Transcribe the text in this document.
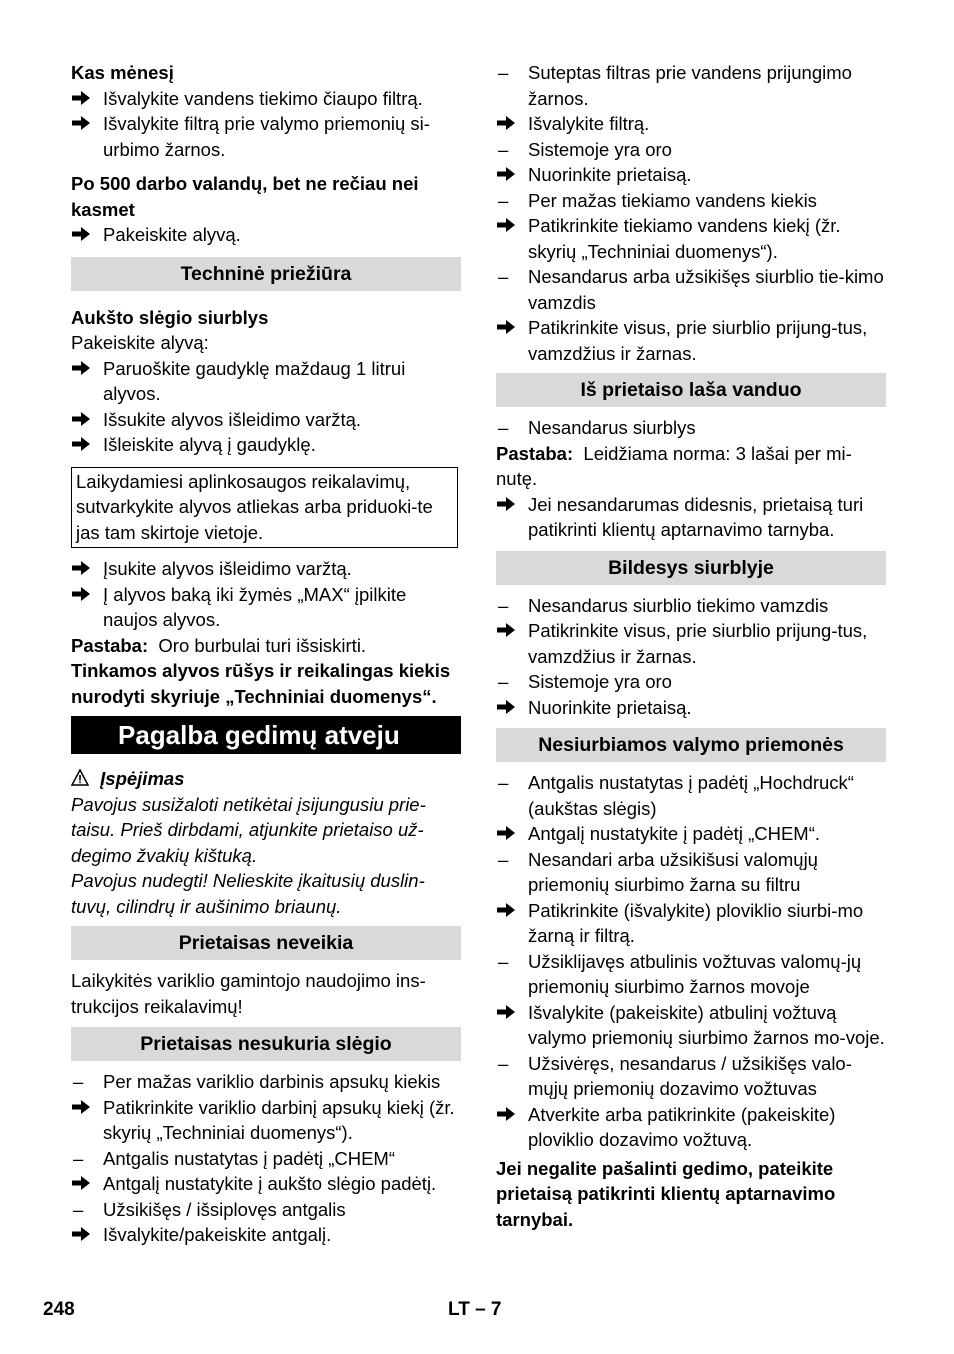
Kas mėnesį

Išvalykite vandens tiekimo čiaupo filtrą.
Išvalykite filtrą prie valymo priemonių si-urbimo žarnos.

Po 500 darbo valandų, bet ne rečiau nei kasmet

Pakeiskite alyvą.
Techninė priežiūra

Aukšto slėgio siurblys

Pakeiskite alyvą:

Paruoškite gaudyklę maždaug 1 litrui alyvos.
Išsukite alyvos išleidimo varžtą.
Išleiskite alyvą į gaudyklę.
Laikydamiesi aplinkosaugos reikalavimų, sutvarkykite alyvos atliekas arba priduoki-te jas tam skirtoje vietoje.
Įsukite alyvos išleidimo varžtą.
Į alyvos baką iki žymės „MAX“ įpilkite naujos alyvos.

Pastaba: Oro burbulai turi išsiskirti.

Tinkamos alyvos rūšys ir reikalingas kiekis nurodyti skyriuje „Techniniai duomenys“.

Pagalba gedimų atveju

Įspėjimas

Pavojus susižaloti netikėtai įsijungusiu prie-taisu. Prieš dirbdami, atjunkite prietaiso už-degimo žvakių kištuką.

Pavojus nudegti! Nelieskite įkaitusių duslin-tuvų, cilindrų ir aušinimo briaunų.

Prietaisas neveikia

Laikykitės variklio gamintojo naudojimo ins-trukcijos reikalavimų!

Prietaisas nesukuria slėgio
–	Per mažas variklio darbinis apsukų kiekis
Patikrinkite variklio darbinį apsukų kiekį (žr. skyrių „Techniniai duomenys“).
–	Antgalis nustatytas į padėtį „CHEM“
Antgalį nustatykite į aukšto slėgio padėtį.
–	Užsikišęs / išsiplovęs antgalis
Išvalykite/pakeiskite antgalį.
–	Suteptas filtras prie vandens prijungimo žarnos.
Išvalykite filtrą.
–	Sistemoje yra oro
Nuorinkite prietaisą.
–	Per mažas tiekiamo vandens kiekis
Patikrinkite tiekiamo vandens kiekį (žr. skyrių „Techniniai duomenys“).
–	Nesandarus arba užsikišęs siurblio tie-kimo vamzdis
Patikrinkite visus, prie siurblio prijung-tus, vamzdžius ir žarnas.
Iš prietaiso laša vanduo
–	Nesandarus siurblys

Pastaba: Leidžiama norma: 3 lašai per mi-nutę.

Jei nesandarumas didesnis, prietaisą turi patikrinti klientų aptarnavimo tarnyba.
Bildesys siurblyje
–	Nesandarus siurblio tiekimo vamzdis
Patikrinkite visus, prie siurblio prijung-tus, vamzdžius ir žarnas.
–	Sistemoje yra oro
Nuorinkite prietaisą.
Nesiurbiamos valymo priemonės
–	Antgalis nustatytas į padėtį „Hochdruck“ (aukštas slėgis)
Antgalį nustatykite į padėtį „CHEM“.
–	Nesandari arba užsikišusi valomųjų priemonių siurbimo žarna su filtru
Patikrinkite (išvalykite) ploviklio siurbi-mo žarną ir filtrą.
–	Užsiklijavęs atbulinis vožtuvas valomų-jų priemonių siurbimo žarnos movoje
Išvalykite (pakeiskite) atbulinį vožtuvą valymo priemonių siurbimo žarnos mo-voje.
–	Užsivėręs, nesandarus / užsikišęs valo-mųjų priemonių dozavimo vožtuvas
Atverkite arba patikrinkite (pakeiskite) ploviklio dozavimo vožtuvą.

Jei negalite pašalinti gedimo, pateikite prietaisą patikrinti klientų aptarnavimo tarnybai.

248	LT – 7
